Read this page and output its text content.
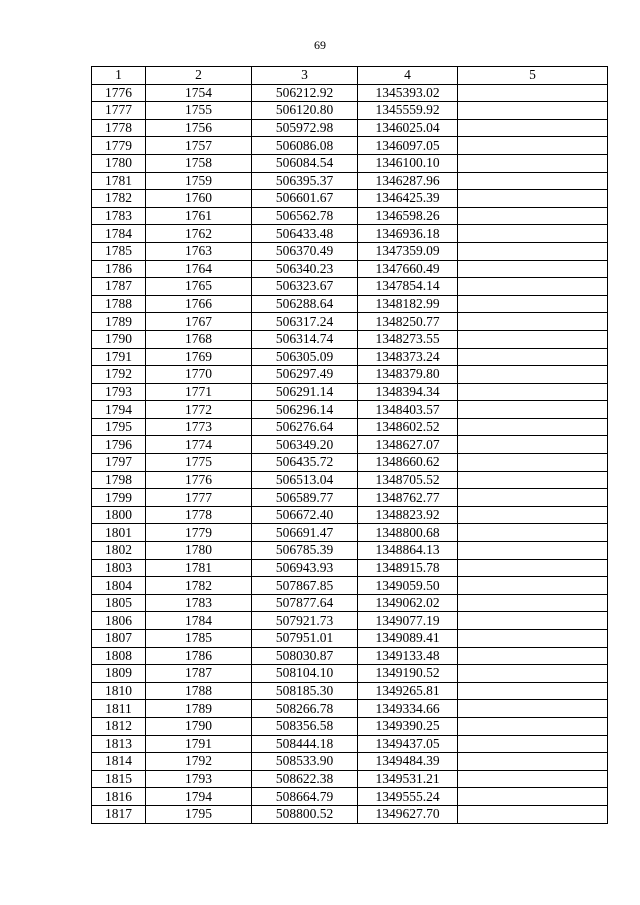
69
1	2	3	4	5
1776	1754	506212.92	1345393.02	
1777	1755	506120.80	1345559.92	
1778	1756	505972.98	1346025.04	
1779	1757	506086.08	1346097.05	
1780	1758	506084.54	1346100.10	
1781	1759	506395.37	1346287.96	
1782	1760	506601.67	1346425.39	
1783	1761	506562.78	1346598.26	
1784	1762	506433.48	1346936.18	
1785	1763	506370.49	1347359.09	
1786	1764	506340.23	1347660.49	
1787	1765	506323.67	1347854.14	
1788	1766	506288.64	1348182.99	
1789	1767	506317.24	1348250.77	
1790	1768	506314.74	1348273.55	
1791	1769	506305.09	1348373.24	
1792	1770	506297.49	1348379.80	
1793	1771	506291.14	1348394.34	
1794	1772	506296.14	1348403.57	
1795	1773	506276.64	1348602.52	
1796	1774	506349.20	1348627.07	
1797	1775	506435.72	1348660.62	
1798	1776	506513.04	1348705.52	
1799	1777	506589.77	1348762.77	
1800	1778	506672.40	1348823.92	
1801	1779	506691.47	1348800.68	
1802	1780	506785.39	1348864.13	
1803	1781	506943.93	1348915.78	
1804	1782	507867.85	1349059.50	
1805	1783	507877.64	1349062.02	
1806	1784	507921.73	1349077.19	
1807	1785	507951.01	1349089.41	
1808	1786	508030.87	1349133.48	
1809	1787	508104.10	1349190.52	
1810	1788	508185.30	1349265.81	
1811	1789	508266.78	1349334.66	
1812	1790	508356.58	1349390.25	
1813	1791	508444.18	1349437.05	
1814	1792	508533.90	1349484.39	
1815	1793	508622.38	1349531.21	
1816	1794	508664.79	1349555.24	
1817	1795	508800.52	1349627.70	
